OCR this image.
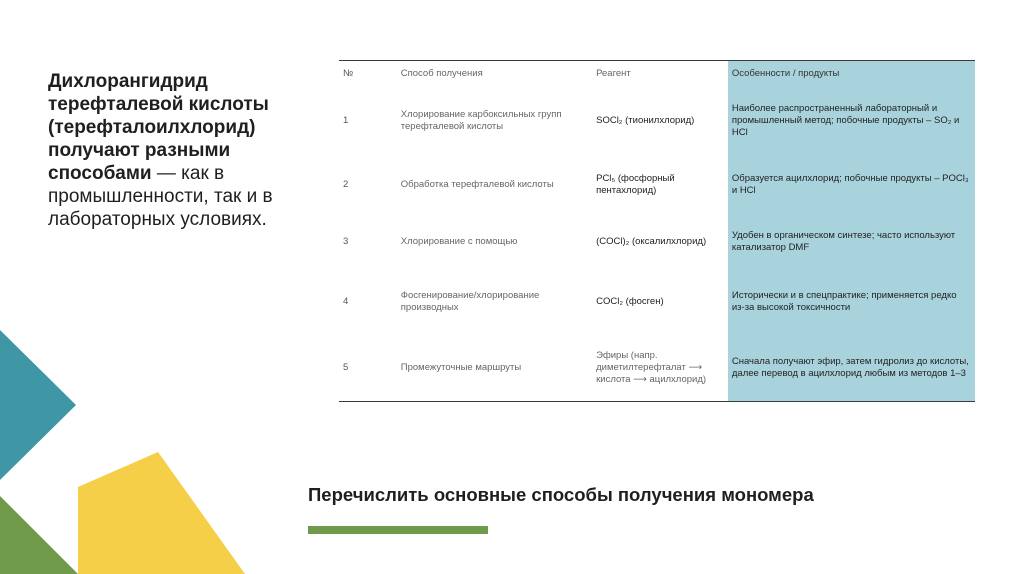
Дихлорангидрид терефталевой кислоты (терефталоилхлорид) получают разными способами — как в промышленности, так и в лабораторных условиях.
№	Способ получения	Реагент	Особенности / продукты
1	Хлорирование карбоксильных групп терефталевой кислоты	SOCl₂ (тионилхлорид)	Наиболее распространенный лабораторный и промышленный метод; побочные продукты – SO₂ и HCl
2	Обработка терефталевой кислоты	PCl₅ (фосфорный пентахлорид)	Образуется ацилхлорид; побочные продукты – POCl₃ и HCl
3	Хлорирование с помощью	(COCl)₂ (оксалилхлорид)	Удобен в органическом синтезе; часто используют катализатор DMF
4	Фосгенирование/хлорирование производных	COCl₂ (фосген)	Исторически и в спецпрактике; применяется редко из-за высокой токсичности
5	Промежуточные маршруты	Эфиры (напр. диметилтерефталат ⟶ кислота ⟶ ацилхлорид)	Сначала получают эфир, затем гидролиз до кислоты, далее перевод в ацилхлорид любым из методов 1–3
Перечислить основные способы получения мономера
